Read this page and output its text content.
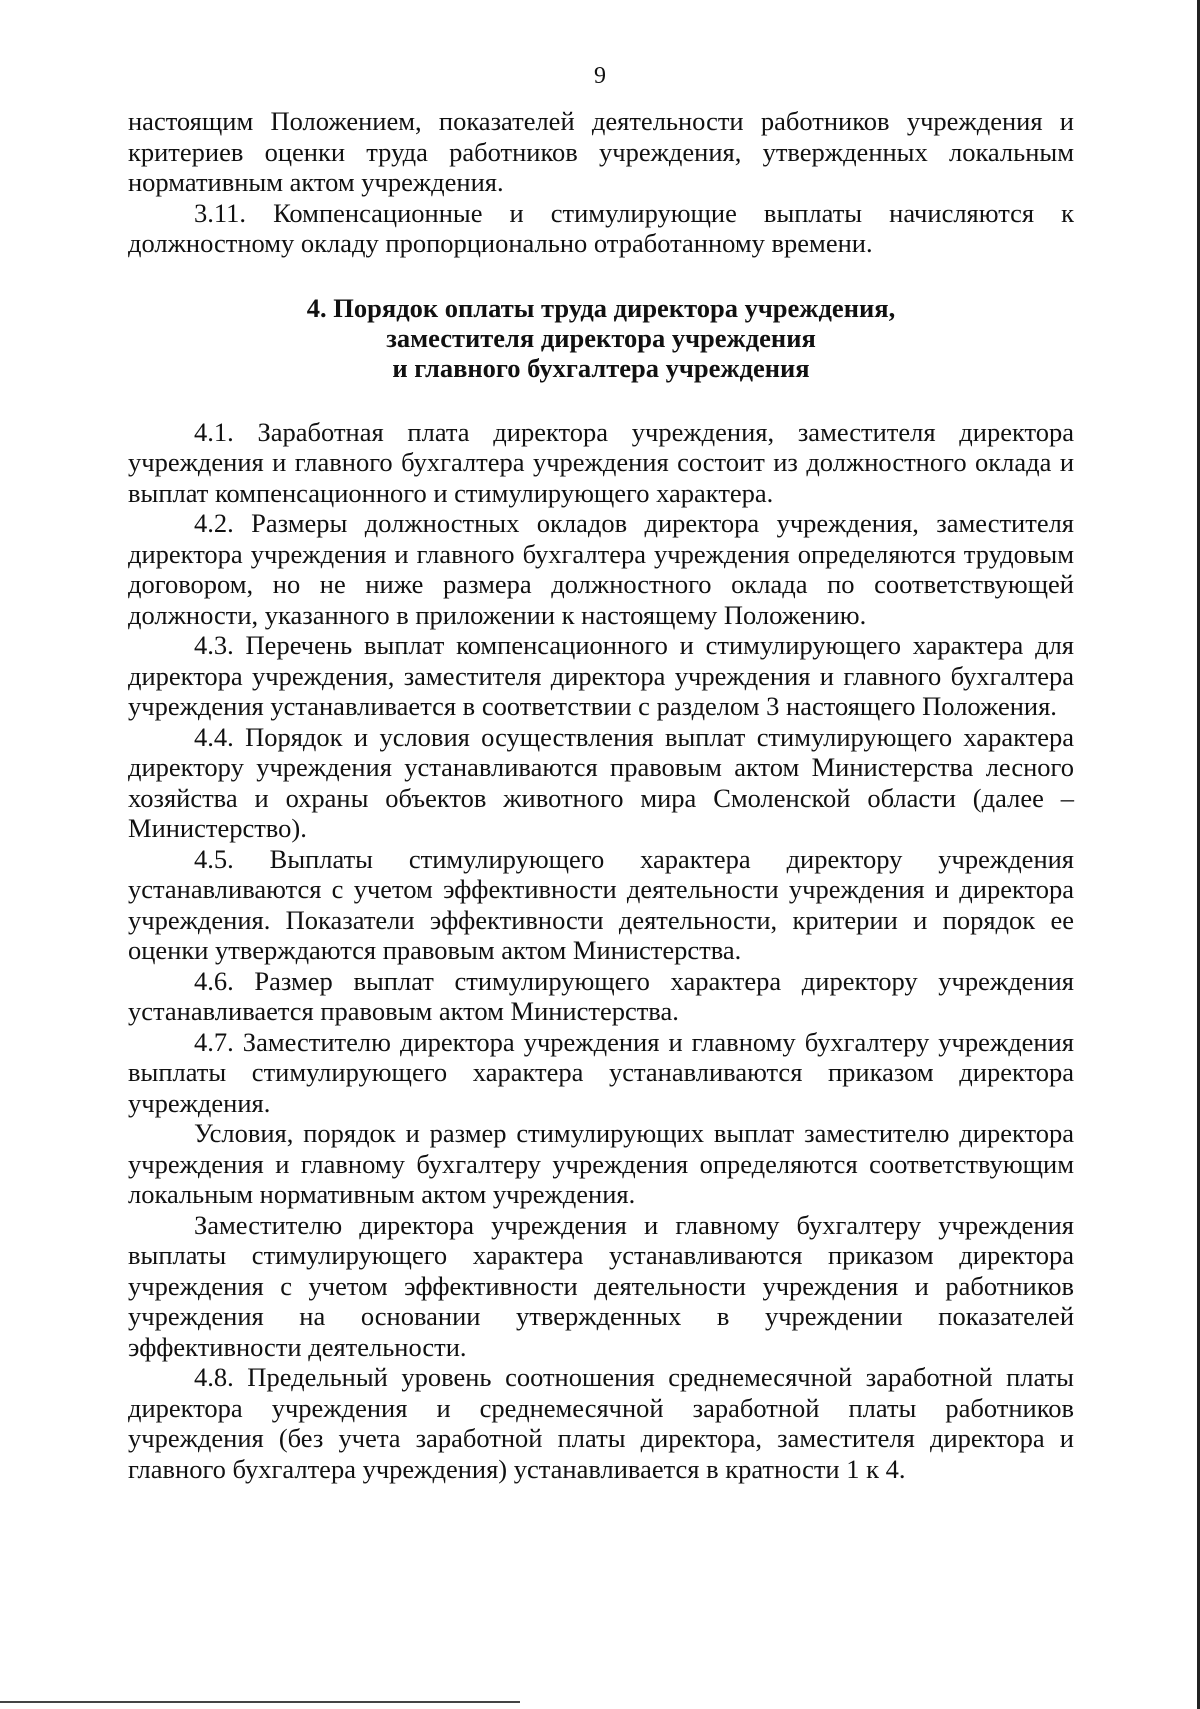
9

настоящим Положением, показателей деятельности работников учреждения и критериев оценки труда работников учреждения, утвержденных локальным нормативным актом учреждения.

3.11. Компенсационные и стимулирующие выплаты начисляются к должностному окладу пропорционально отработанному времени.

4. Порядок оплаты труда директора учреждения,
заместителя директора учреждения
и главного бухгалтера учреждения

4.1. Заработная плата директора учреждения, заместителя директора учреждения и главного бухгалтера учреждения состоит из должностного оклада и выплат компенсационного и стимулирующего характера.

4.2. Размеры должностных окладов директора учреждения, заместителя директора учреждения и главного бухгалтера учреждения определяются трудовым договором, но не ниже размера должностного оклада по соответствующей должности, указанного в приложении к настоящему Положению.

4.3. Перечень выплат компенсационного и стимулирующего характера для директора учреждения, заместителя директора учреждения и главного бухгалтера учреждения устанавливается в соответствии с разделом 3 настоящего Положения.

4.4. Порядок и условия осуществления выплат стимулирующего характера директору учреждения устанавливаются правовым актом Министерства лесного хозяйства и охраны объектов животного мира Смоленской области (далее – Министерство).

4.5. Выплаты стимулирующего характера директору учреждения устанавливаются с учетом эффективности деятельности учреждения и директора учреждения. Показатели эффективности деятельности, критерии и порядок ее оценки утверждаются правовым актом Министерства.

4.6. Размер выплат стимулирующего характера директору учреждения устанавливается правовым актом Министерства.

4.7. Заместителю директора учреждения и главному бухгалтеру учреждения выплаты стимулирующего характера устанавливаются приказом директора учреждения.

Условия, порядок и размер стимулирующих выплат заместителю директора учреждения и главному бухгалтеру учреждения определяются соответствующим локальным нормативным актом учреждения.

Заместителю директора учреждения и главному бухгалтеру учреждения выплаты стимулирующего характера устанавливаются приказом директора учреждения с учетом эффективности деятельности учреждения и работников учреждения на основании утвержденных в учреждении показателей эффективности деятельности.

4.8. Предельный уровень соотношения среднемесячной заработной платы директора учреждения и среднемесячной заработной платы работников учреждения (без учета заработной платы директора, заместителя директора и главного бухгалтера учреждения) устанавливается в кратности 1 к 4.
